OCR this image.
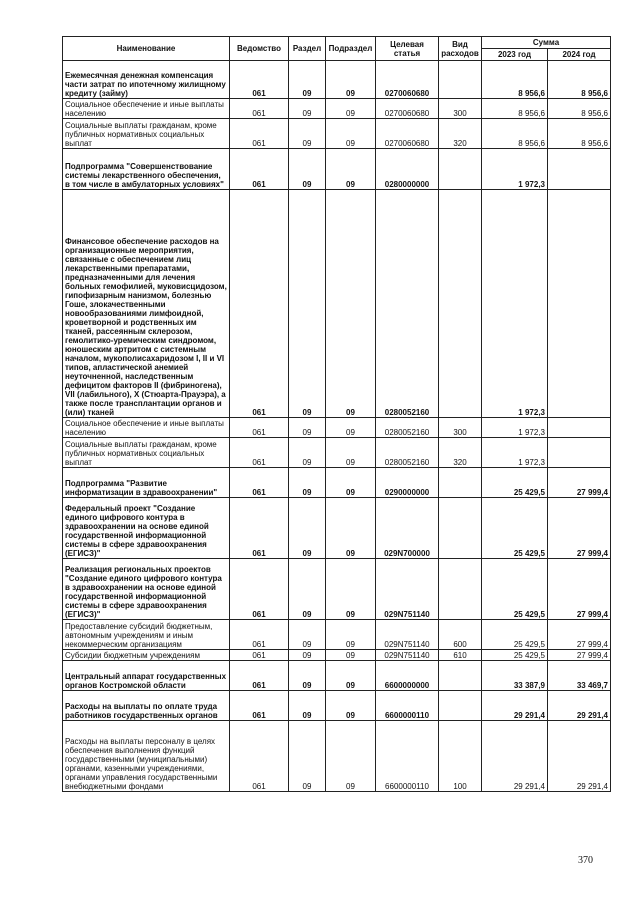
Наименование	Ведомство	Раздел	Подраздел	Целевая статья	Вид расходов	Сумма	
						2023 год	2024 год
Ежемесячная денежная компенсация части затрат по ипотечному жилищному кредиту (займу)	061	09	09	0270060680		8 956,6	8 956,6
Социальное обеспечение и иные выплаты населению	061	09	09	0270060680	300	8 956,6	8 956,6
Социальные выплаты гражданам, кроме публичных нормативных социальных выплат	061	09	09	0270060680	320	8 956,6	8 956,6
Подпрограмма "Совершенствование системы лекарственного обеспечения, в том числе в амбулаторных условиях"	061	09	09	0280000000		1 972,3	
Финансовое обеспечение расходов на организационные мероприятия, связанные с обеспечением лиц лекарственными препаратами, предназначенными для лечения больных гемофилией, муковисцидозом, гипофизарным нанизмом, болезнью Гоше, злокачественными новообразованиями лимфоидной, кроветворной и родственных им тканей, рассеянным склерозом, гемолитико-уремическим синдромом, юношеским артритом с системным началом, мукополисахаридозом I, II и VI типов, апластической анемией неуточненной, наследственным дефицитом факторов II (фибриногена), VII (лабильного), X (Стюарта-Прауэра), а также после трансплантации органов и (или) тканей	061	09	09	0280052160		1 972,3	
Социальное обеспечение и иные выплаты населению	061	09	09	0280052160	300	1 972,3	
Социальные выплаты гражданам, кроме публичных нормативных социальных выплат	061	09	09	0280052160	320	1 972,3	
Подпрограмма "Развитие информатизации в здравоохранении"	061	09	09	0290000000		25 429,5	27 999,4
Федеральный проект "Создание единого цифрового контура в здравоохранении на основе единой государственной информационной системы в сфере здравоохранения (ЕГИСЗ)"	061	09	09	029N700000		25 429,5	27 999,4
Реализация региональных проектов "Создание единого цифрового контура в здравоохранении на основе единой государственной информационной системы в сфере здравоохранения (ЕГИСЗ)"	061	09	09	029N751140		25 429,5	27 999,4
Предоставление субсидий бюджетным, автономным учреждениям и иным некоммерческим организациям	061	09	09	029N751140	600	25 429,5	27 999,4
Субсидии бюджетным учреждениям	061	09	09	029N751140	610	25 429,5	27 999,4
Центральный аппарат государственных органов Костромской области	061	09	09	6600000000		33 387,9	33 469,7
Расходы на выплаты по оплате труда работников государственных органов	061	09	09	6600000110		29 291,4	29 291,4
Расходы на выплаты персоналу в целях обеспечения выполнения функций государственными (муниципальными) органами, казенными учреждениями, органами управления государственными внебюджетными фондами	061	09	09	6600000110	100	29 291,4	29 291,4
370
